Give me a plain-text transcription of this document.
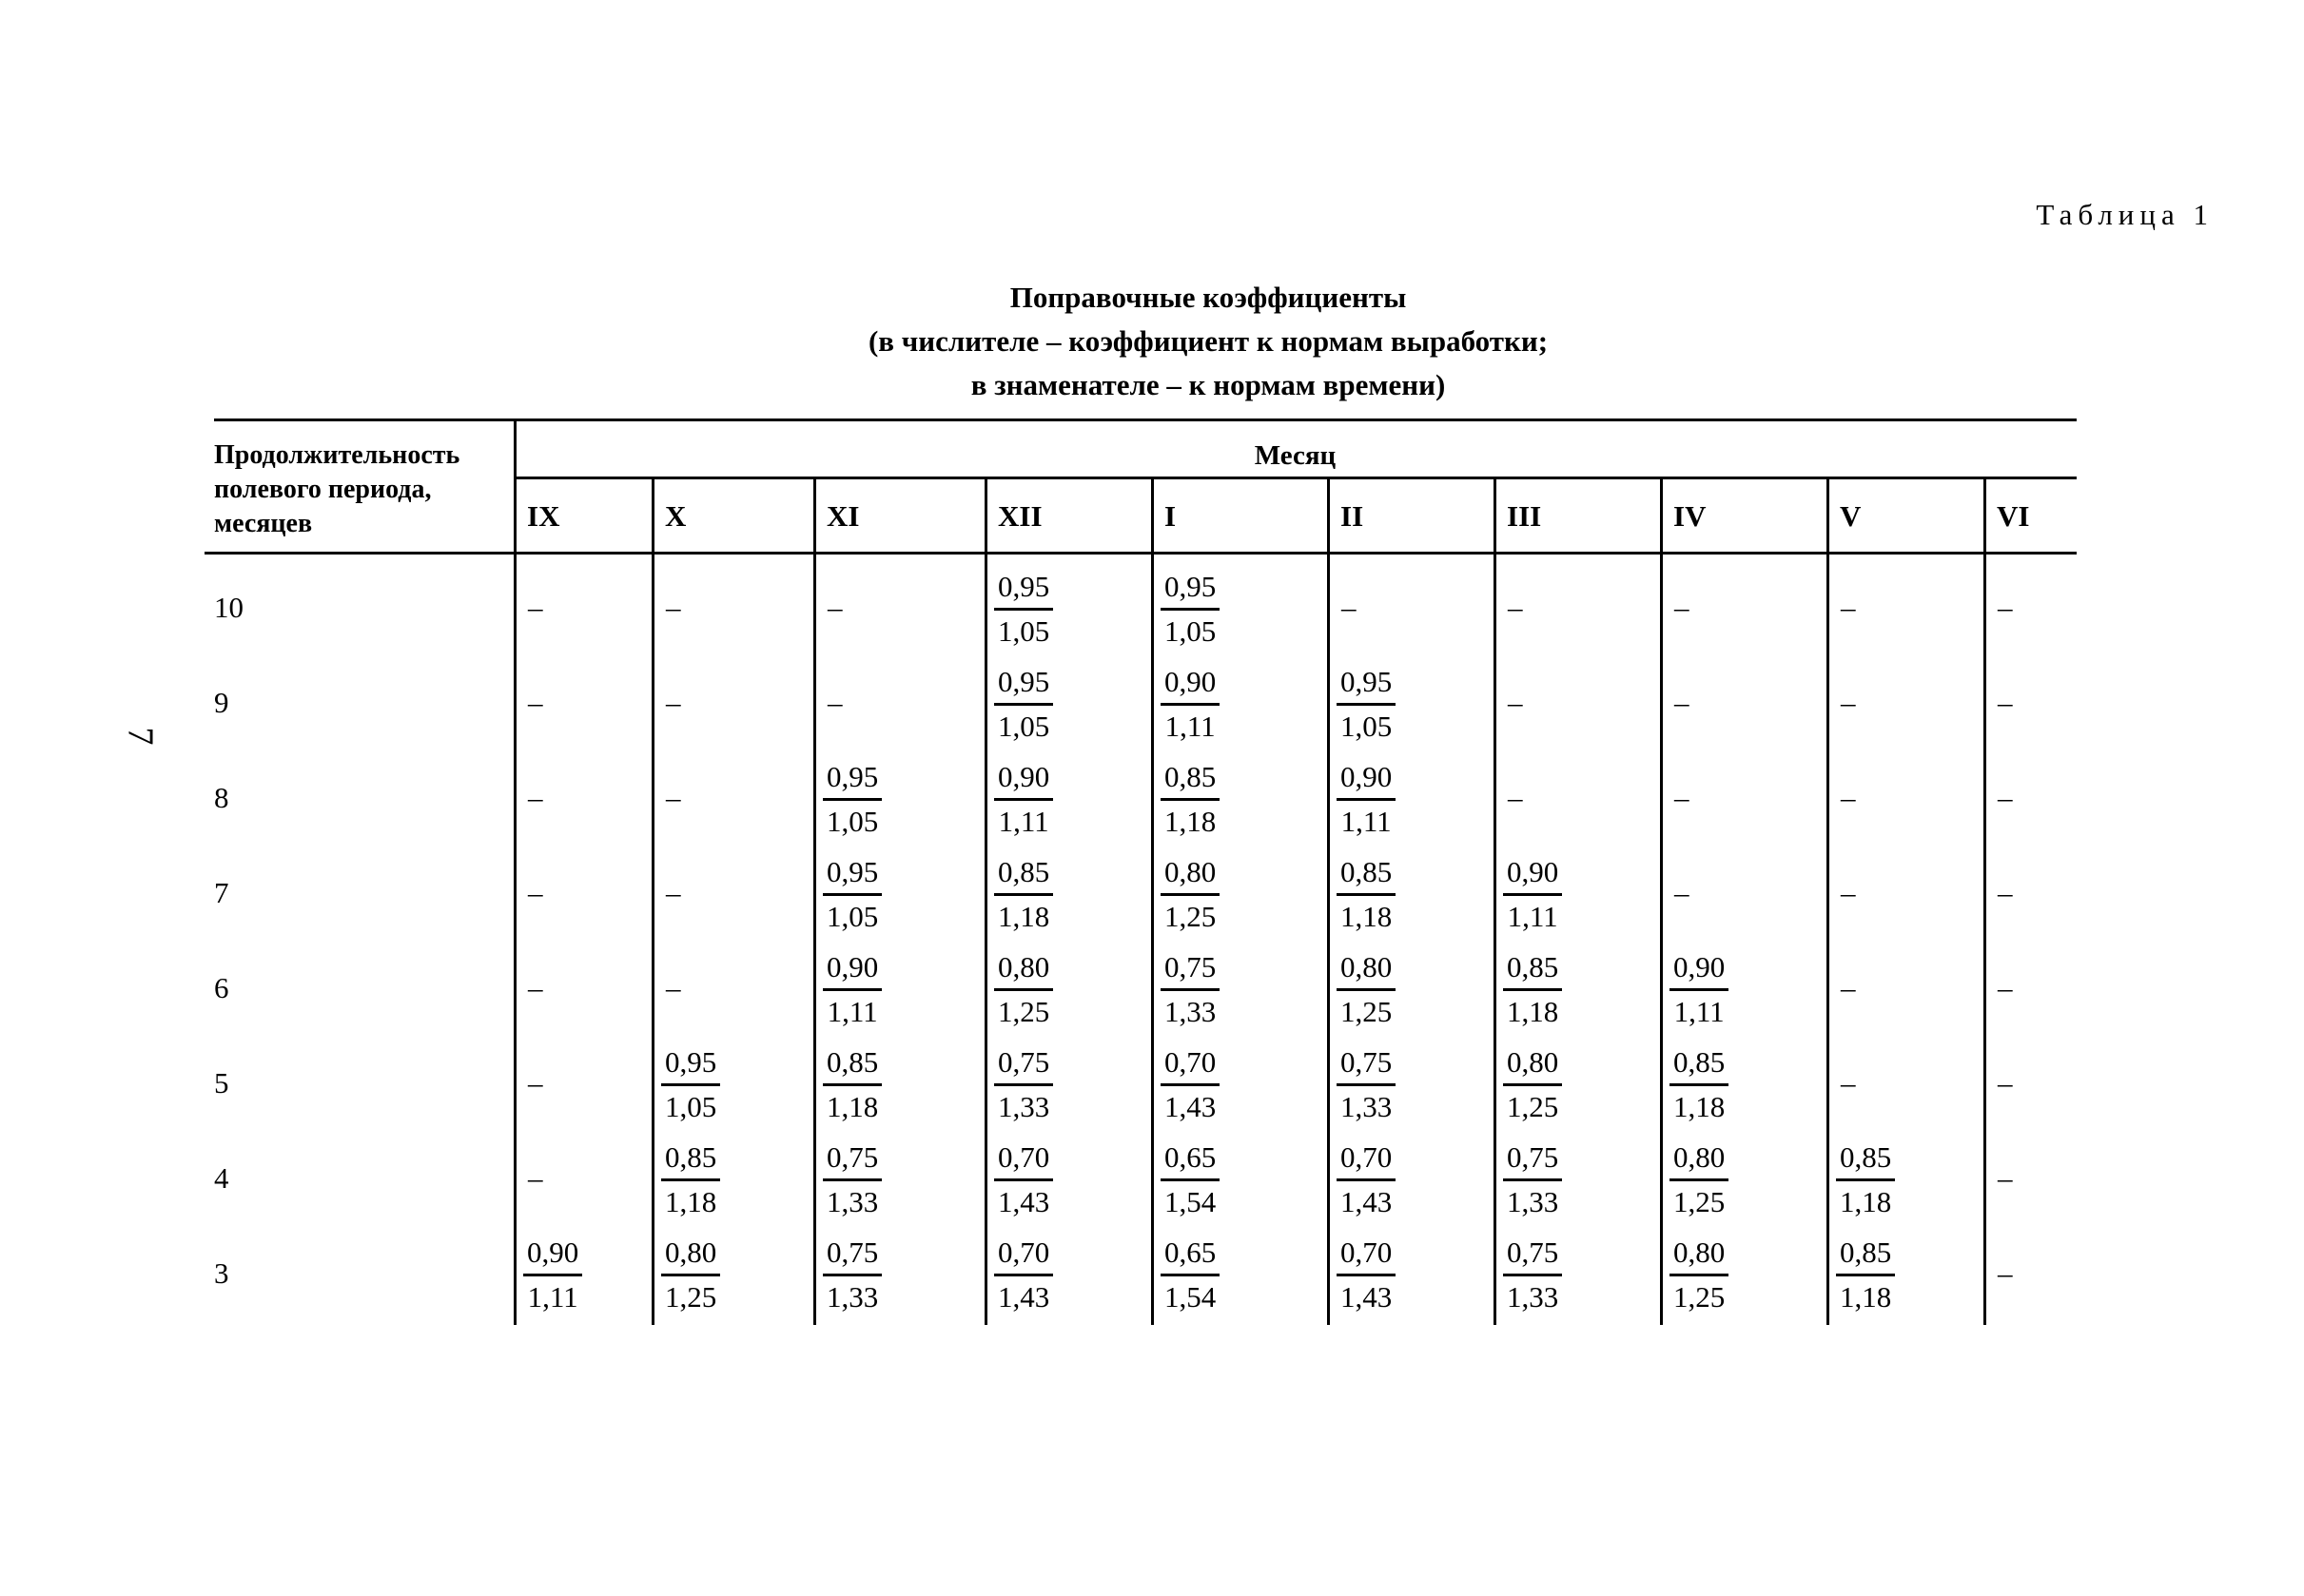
Таблица 1
7
Поправочные коэффициенты
(в числителе – коэффициент к нормам выработки;
в знаменателе – к нормам времени)
Продолжительность
полевого периода,
месяцев
Месяц
IX	X	XI	XII	I	II	III	IV	V	VI
10	–	–	–	$\frac{0,95}{1,05}$	$\frac{0,95}{1,05}$	–	–	–	–	–
9	–	–	–	$\frac{0,95}{1,05}$	$\frac{0,90}{1,11}$	$\frac{0,95}{1,05}$	–	–	–	–
8	–	–	$\frac{0,95}{1,05}$	$\frac{0,90}{1,11}$	$\frac{0,85}{1,18}$	$\frac{0,90}{1,11}$	–	–	–	–
7	–	–	$\frac{0,95}{1,05}$	$\frac{0,85}{1,18}$	$\frac{0,80}{1,25}$	$\frac{0,85}{1,18}$	$\frac{0,90}{1,11}$	–	–	–
6	–	–	$\frac{0,90}{1,11}$	$\frac{0,80}{1,25}$	$\frac{0,75}{1,33}$	$\frac{0,80}{1,25}$	$\frac{0,85}{1,18}$	$\frac{0,90}{1,11}$	–	–
5	–	$\frac{0,95}{1,05}$	$\frac{0,85}{1,18}$	$\frac{0,75}{1,33}$	$\frac{0,70}{1,43}$	$\frac{0,75}{1,33}$	$\frac{0,80}{1,25}$	$\frac{0,85}{1,18}$	–	–
4	–	$\frac{0,85}{1,18}$	$\frac{0,75}{1,33}$	$\frac{0,70}{1,43}$	$\frac{0,65}{1,54}$	$\frac{0,70}{1,43}$	$\frac{0,75}{1,33}$	$\frac{0,80}{1,25}$	$\frac{0,85}{1,18}$	–
3	$\frac{0,90}{1,11}$	$\frac{0,80}{1,25}$	$\frac{0,75}{1,33}$	$\frac{0,70}{1,43}$	$\frac{0,65}{1,54}$	$\frac{0,70}{1,43}$	$\frac{0,75}{1,33}$	$\frac{0,80}{1,25}$	$\frac{0,85}{1,18}$	–
